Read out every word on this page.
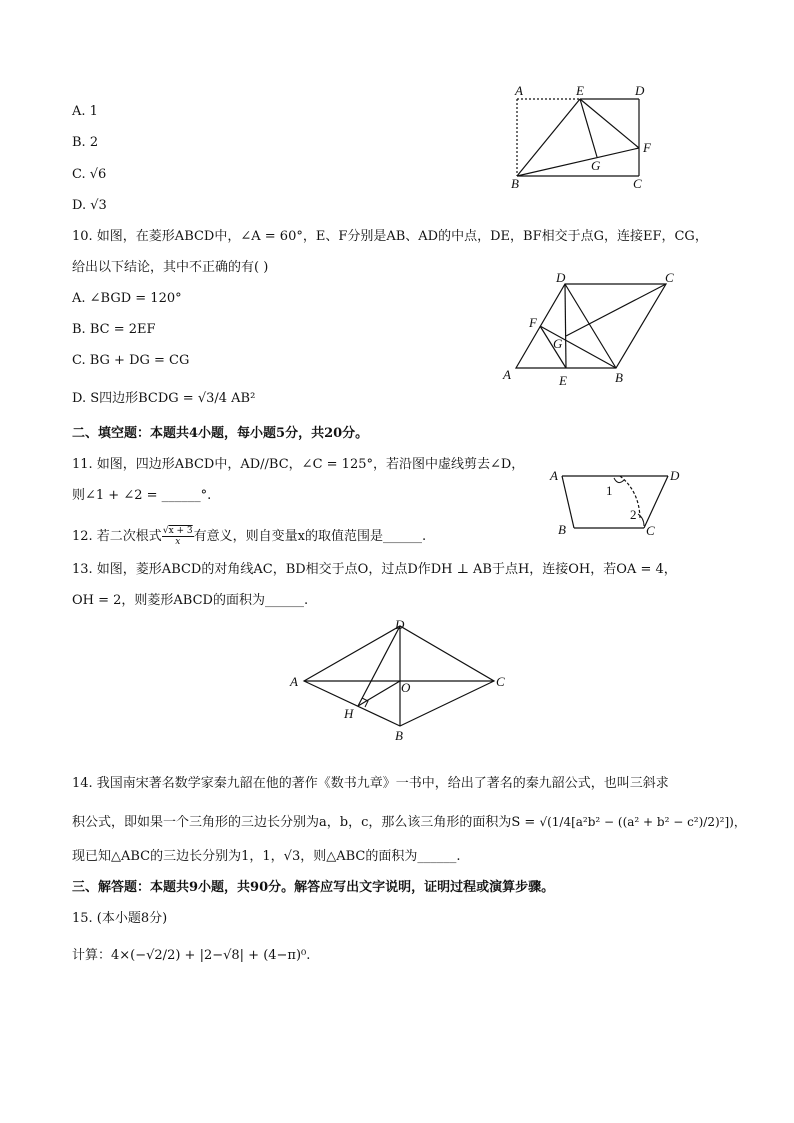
A. 1
B. 2
C. √6
D. √3
A	E	D
F
G
B	C
10. 如图，在菱形ABCD中，∠A = 60°，E、F分别是AB、AD的中点，DE，BF相交于点G，连接EF，CG，
给出以下结论，其中不正确的有( )
A. ∠BGD = 120°
B. BC = 2EF
C. BG + DG = CG
D. S四边形BCDG = √3/4 AB²
D	C
F
G
A	E	B
二、填空题：本题共4小题，每小题5分，共20分。
11. 如图，四边形ABCD中，AD//BC，∠C = 125°，若沿图中虚线剪去∠D，
则∠1 + ∠2 = ______°.
A	D
1
2
B	C
12. 若二次根式 $\frac{√x + 3}{x}$ 有意义，则自变量x的取值范围是______.
13. 如图，菱形ABCD的对角线AC，BD相交于点O，过点D作DH ⊥ AB于点H，连接OH，若OA = 4，
OH = 2，则菱形ABCD的面积为______.
D
A	O	C
H
B
14. 我国南宋著名数学家秦九韶在他的著作《数书九章》一书中，给出了著名的秦九韶公式，也叫三斜求
积公式，即如果一个三角形的三边长分别为a，b，c，那么该三角形的面积为S = √(1/4[a²b² − ((a² + b² − c²)/2)²])，
现已知△ABC的三边长分别为1，1，√3，则△ABC的面积为______.
三、解答题：本题共9小题，共90分。解答应写出文字说明，证明过程或演算步骤。
15. (本小题8分)
计算：4×(−√2/2) + |2−√8| + (4−π)⁰.
